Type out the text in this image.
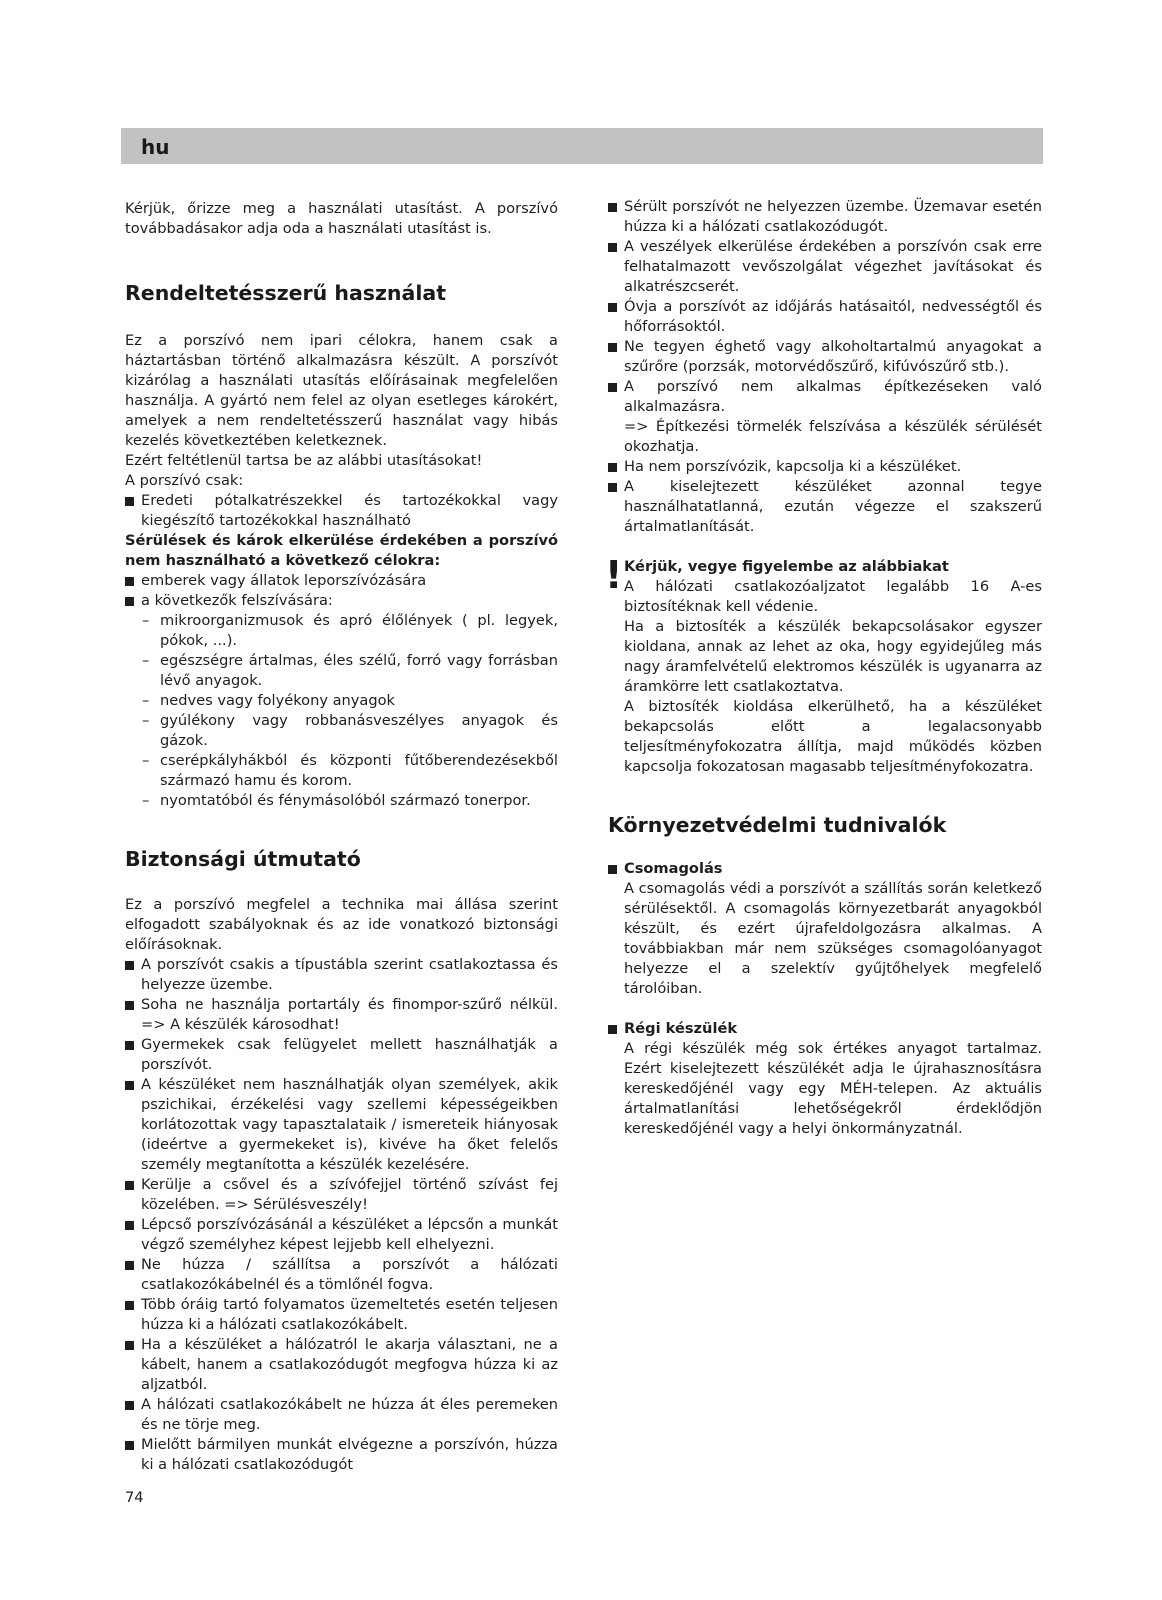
hu

Kérjük, őrizze meg a használati utasítást. A porszívó továbbadásakor adja oda a használati utasítást is.

Rendeltetésszerű használat

Ez a porszívó nem ipari célokra, hanem csak a háztartásban történő alkalmazásra készült. A porszívót kizárólag a használati utasítás előírásainak megfelelően használja. A gyártó nem felel az olyan esetleges károkért, amelyek a nem rendeltetésszerű használat vagy hibás kezelés következtében keletkeznek.

Ezért feltétlenül tartsa be az alábbi utasításokat!

A porszívó csak:

Eredeti pótalkatrészekkel és tartozékokkal vagy kiegészítő tartozékokkal használható

Sérülések és károk elkerülése érdekében a porszívó nem használható a következő célokra:

emberek vagy állatok leporszívózására
a következők felszívására:
– mikroorganizmusok és apró élőlények ( pl. legyek, pókok, ...).
– egészségre ártalmas, éles szélű, forró vagy forrásban lévő anyagok.
– nedves vagy folyékony anyagok
– gyúlékony vagy robbanásveszélyes anyagok és gázok.
– cserépkályhákból és központi fűtőberendezésekből származó hamu és korom.
– nyomtatóból és fénymásolóból származó tonerpor.
Biztonsági útmutató

Ez a porszívó megfelel a technika mai állása szerint elfogadott szabályoknak és az ide vonatkozó biztonsági előírásoknak.

A porszívót csakis a típustábla szerint csatlakoztassa és helyezze üzembe.
Soha ne használja portartály és finompor-szűrő nélkül. => A készülék károsodhat!
Gyermekek csak felügyelet mellett használhatják a porszívót.
A készüléket nem használhatják olyan személyek, akik pszichikai, érzékelési vagy szellemi képességeikben korlátozottak vagy tapasztalataik / ismereteik hiányosak (ideértve a gyermekeket is), kivéve ha őket felelős személy megtanította a készülék kezelésére.
Kerülje a csővel és a szívófejjel történő szívást fej közelében. => Sérülésveszély!
Lépcső porszívózásánál a készüléket a lépcsőn a munkát végző személyhez képest lejjebb kell elhelyezni.
Ne húzza / szállítsa a porszívót a hálózati csatlakozókábelnél és a tömlőnél fogva.
Több óráig tartó folyamatos üzemeltetés esetén teljesen húzza ki a hálózati csatlakozókábelt.
Ha a készüléket a hálózatról le akarja választani, ne a kábelt, hanem a csatlakozódugót megfogva húzza ki az aljzatból.
A hálózati csatlakozókábelt ne húzza át éles peremeken és ne törje meg.
Mielőtt bármilyen munkát elvégezne a porszívón, húzza ki a hálózati csatlakozódugót
Sérült porszívót ne helyezzen üzembe. Üzemavar esetén húzza ki a hálózati csatlakozódugót.
A veszélyek elkerülése érdekében a porszívón csak erre felhatalmazott vevőszolgálat végezhet javításokat és alkatrészcserét.
Óvja a porszívót az időjárás hatásaitól, nedvességtől és hőforrásoktól.
Ne tegyen éghető vagy alkoholtartalmú anyagokat a szűrőre (porzsák, motorvédőszűrő, kifúvószűrő stb.).
A porszívó nem alkalmas építkezéseken való alkalmazásra.
=> Építkezési törmelék felszívása a készülék sérülését okozhatja.
Ha nem porszívózik, kapcsolja ki a készüléket.
A kiselejtezett készüléket azonnal tegye használhatatlanná, ezután végezze el szakszerű ártalmatlanítását.
! Kérjük, vegye figyelembe az alábbiakat

A hálózati csatlakozóaljzatot legalább 16 A-es biztosítéknak kell védenie.

Ha a biztosíték a készülék bekapcsolásakor egyszer kioldana, annak az lehet az oka, hogy egyidejűleg más nagy áramfelvételű elektromos készülék is ugyanarra az áramkörre lett csatlakoztatva.

A biztosíték kioldása elkerülhető, ha a készüléket bekapcsolás előtt a legalacsonyabb teljesítményfokozatra állítja, majd működés közben kapcsolja fokozatosan magasabb teljesítményfokozatra.

Környezetvédelmi tudnivalók
Csomagolás

A csomagolás védi a porszívót a szállítás során keletkező sérülésektől. A csomagolás környezetbarát anyagokból készült, és ezért újrafeldolgozásra alkalmas. A továbbiakban már nem szükséges csomagolóanyagot helyezze el a szelektív gyűjtőhelyek megfelelő tárolóiban.

Régi készülék

A régi készülék még sok értékes anyagot tartalmaz. Ezért kiselejtezett készülékét adja le újrahasznosításra kereskedőjénél vagy egy MÉH-telepen. Az aktuális ártalmatlanítási lehetőségekről érdeklődjön kereskedőjénél vagy a helyi önkormányzatnál.

74
